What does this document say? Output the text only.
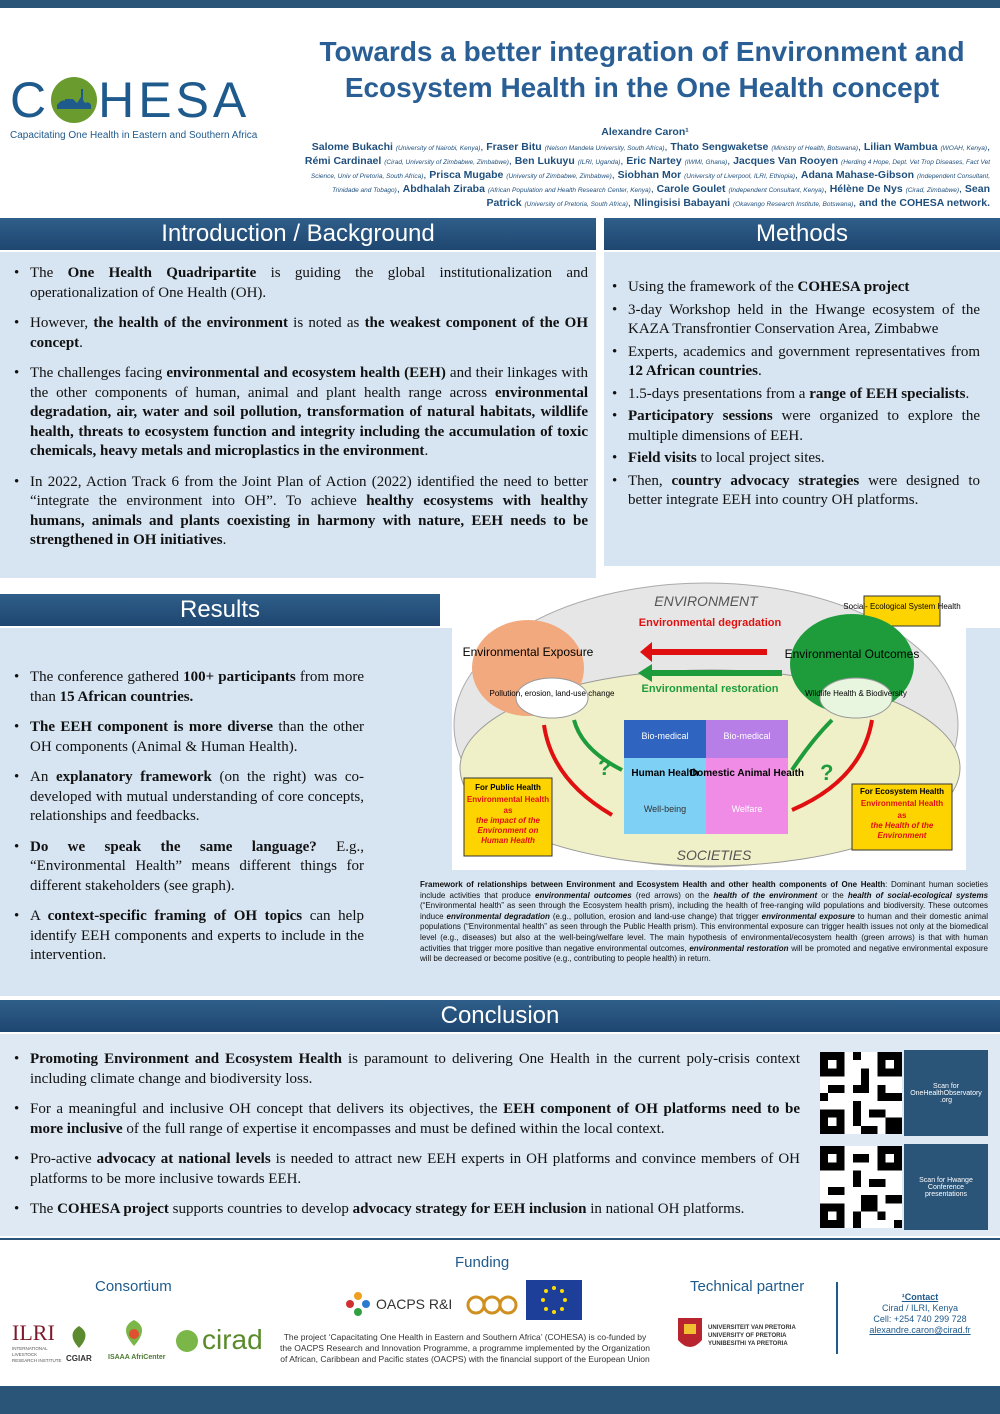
C HESA
Capacitating One Health in Eastern and Southern Africa
Towards a better integration of Environment and
Ecosystem Health in the One Health concept
Alexandre Caron¹
Salome Bukachi (University of Nairobi, Kenya), Fraser Bitu (Nelson Mandela University, South Africa), Thato Sengwaketse (Ministry of Health, Botswana), Lilian Wambua (WOAH, Kenya), Rémi Cardinael (Cirad, University of Zimbabwe, Zimbabwe), Ben Lukuyu (ILRI, Uganda), Eric Nartey (IWMI, Ghana), Jacques Van Rooyen (Herding 4 Hope, Dept. Vet Trop Diseases, Fact Vet Science, Univ of Pretoria, South Africa), Prisca Mugabe (University of Zimbabwe, Zimbabwe), Siobhan Mor (University of Liverpool, ILRI, Ethiopia), Adana Mahase-Gibson (Independent Consultant, Trinidade and Tobago), Abdhalah Ziraba (African Population and Health Research Center, Kenya), Carole Goulet (Independent Consultant, Kenya), Hélène De Nys (Cirad, Zimbabwe), Sean Patrick (University of Pretoria, South Africa), Nlingisisi Babayani (Okavango Research Institute, Botswana), and the COHESA network.
Introduction / Background
• The One Health Quadripartite is guiding the global institutionalization and operationalization of One Health (OH).
• However, the health of the environment is noted as the weakest component of the OH concept.
• The challenges facing environmental and ecosystem health (EEH) and their linkages with the other components of human, animal and plant health range across environmental degradation, air, water and soil pollution, transformation of natural habitats, wildlife health, threats to ecosystem function and integrity including the accumulation of toxic chemicals, heavy metals and microplastics in the environment.
• In 2022, Action Track 6 from the Joint Plan of Action (2022) identified the need to better “integrate the environment into OH”. To achieve healthy ecosystems with healthy humans, animals and plants coexisting in harmony with nature, EEH needs to be strengthened in OH initiatives.
Methods
• Using the framework of the COHESA project
• 3-day Workshop held in the Hwange ecosystem of the KAZA Transfrontier Conservation Area, Zimbabwe
• Experts, academics and government representatives from 12 African countries.
• 1.5-days presentations from a range of EEH specialists.
• Participatory sessions were organized to explore the multiple dimensions of EEH.
• Field visits to local project sites.
• Then, country advocacy strategies were designed to better integrate EEH into country OH platforms.
Results
• The conference gathered 100+ participants from more than 15 African countries.
• The EEH component is more diverse than the other OH components (Animal & Human Health).
• An explanatory framework (on the right) was co-developed with mutual understanding of core concepts, relationships and feedbacks.
• Do we speak the same language? E.g., “Environmental Health” means different things for different stakeholders (see graph).
• A context-specific framing of OH topics can help identify EEH components and experts to include in the intervention.
ENVIRONMENT
SOCIETIES
Social- Ecological System Health
Environmental Exposure
Pollution, erosion, land-use change
Environmental Outcomes
Wildlife Health & Biodiversity
Environmental degradation
Environmental restoration
Bio-medical	Bio-medical
Human Health
Domestic Animal Health
Well-being	Welfare
?	?
For Public Health
Environmental Health
as
the impact of the Environment on Human Health
For Ecosystem Health
Environmental Health
as
the Health of the Environment
Framework of relationships between Environment and Ecosystem Health and other health components of One Health: Dominant human societies include activities that produce environmental outcomes (red arrows) on the health of the environment or the health of social-ecological systems (“Environmental health” as seen through the Ecosystem health prism), including the health of free-ranging wild populations and biodiversity. These outcomes induce environmental degradation (e.g., pollution, erosion and land-use change) that trigger environmental exposure to human and their domestic animal populations (“Environmental health” as seen through the Public Health prism). This environmental exposure can trigger health issues not only at the biomedical level (e.g., diseases) but also at the well-being/welfare level. The main hypothesis of environmental/ecosystem health (green arrows) is that with human activities that trigger more positive than negative environmental outcomes, environmental restoration will be promoted and negative environmental exposure will be decreased or become positive (e.g., contributing to people health) in return.
Conclusion
• Promoting Environment and Ecosystem Health is paramount to delivering One Health in the current poly-crisis context including climate change and biodiversity loss.
• For a meaningful and inclusive OH concept that delivers its objectives, the EEH component of OH platforms need to be more inclusive of the full range of expertise it encompasses and must be defined within the local context.
• Pro-active advocacy at national levels is needed to attract new EEH experts in OH platforms and convince members of OH platforms to be more inclusive towards EEH.
• The COHESA project supports countries to develop advocacy strategy for EEH inclusion in national OH platforms.
Scan for OneHealthObservatory .org
Scan for Hwange Conference presentations
Consortium
Funding
Technical partner
ILRI
INTERNATIONAL LIVESTOCK RESEARCH INSTITUTE CGIAR ISAAA AfriCenter
cirad
OACPS R&I
The project ‘Capacitating One Health in Eastern and Southern Africa’ (COHESA) is co-funded by the OACPS Research and Innovation Programme, a programme implemented by the Organization of African, Caribbean and Pacific states (OACPS) with the financial support of the European Union
UNIVERSITEIT VAN PRETORIA
UNIVERSITY OF PRETORIA
YUNIBESITHI YA PRETORIA
¹Contact
Cirad / ILRI, Kenya
Cell: +254 740 299 728
alexandre.caron@cirad.fr
